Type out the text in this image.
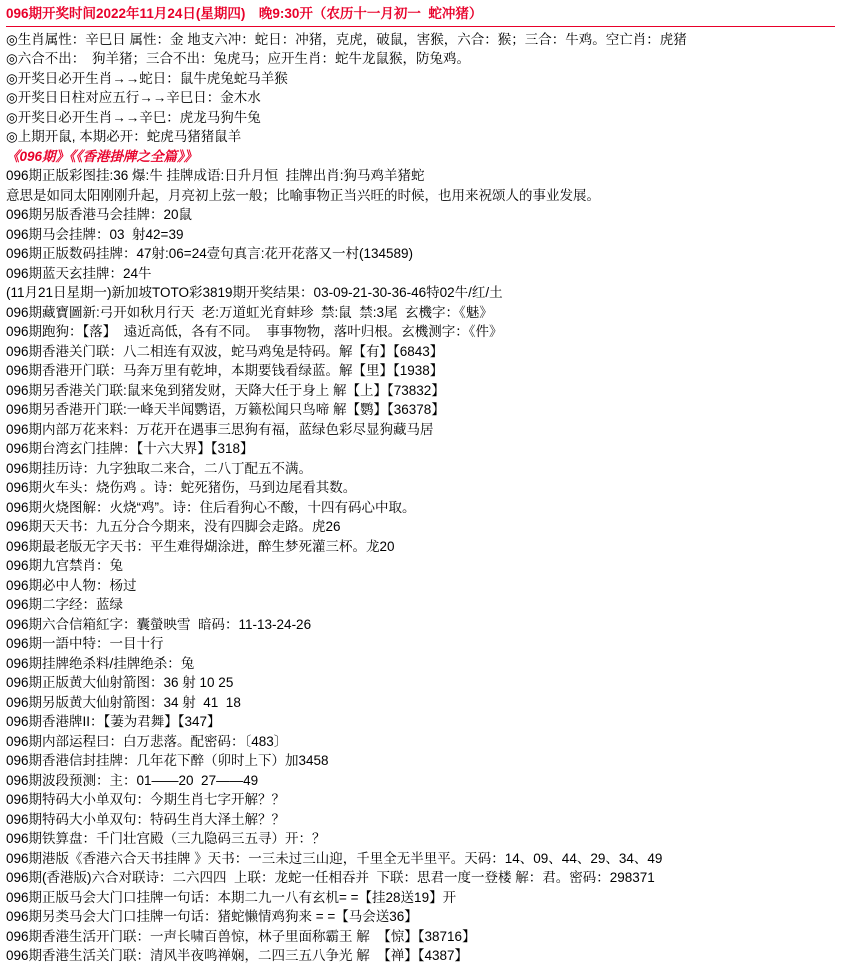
096期开奖时间2022年11月24日(星期四)　晚9:30开（农历十一月初一  蛇冲猪）
◎生肖属性：辛巳日 属性：金 地支六冲：蛇日：冲猪，克虎，破鼠，害猴，六合：猴；三合：牛鸡。空亡肖：虎猪
◎六合不出：　狗羊猪；三合不出：兔虎马；应开生肖：蛇牛龙鼠猴，防兔鸡。
◎开奖日必开生肖→→蛇日：鼠牛虎兔蛇马羊猴
◎开奖日日柱对应五行→→辛巳日：金木水
◎开奖日必开生肖→→辛巳：虎龙马狗牛兔
◎上期开鼠, 本期必开：蛇虎马猪猪鼠羊
《096期》《《香港掛牌之全篇》》
096期正版彩图挂:36 爆:牛 挂牌成语:日升月恒  挂牌出肖:狗马鸡羊猪蛇
意思是如同太阳刚刚升起，月亮初上弦一般；比喻事物正当兴旺的时候，也用来祝颂人的事业发展。
096期另版香港马会挂牌：20鼠
096期马会挂牌：03  射42=39
096期正版数码挂牌：47射:06=24壹句真言:花开花落又一村(134589)
096期蓝天玄挂牌：24牛
(11月21日星期一)新加坡TOTO彩3819期开奖结果：03-09-21-30-36-46特02牛/红/土
096期藏寶圖新:弓开如秋月行天  老:万道虹光育蚌珍  禁:鼠  禁:3尾  玄機字：《魅》
096期跑狗：【落】  遠近高低，各有不同。  事事物物，落叶归根。玄機测字：《件》
096期香港关门联：八二相连有双波，蛇马鸡兔是特码。解【有】【6843】
096期香港开门联：马奔万里有乾坤，本期要钱看绿蓝。解【里】【1938】
096期另香港关门联:鼠来兔到猪发财，天降大任于身上 解【上】【73832】
096期另香港开门联:一峰天半闻鹦语，万籁松闻只鸟啼 解【鹦】【36378】
096期内部万花来料：万花开在遇事三思狗有福，蓝绿色彩尽显狗藏马居
096期台湾玄门挂牌：【十六大界】【318】
096期挂历诗：九字独取二来合，二八丁配五不满。
096期火车头：烧伤鸡 。诗：蛇死猪伤，马到边尾看其数。
096期火烧图解：火烧“鸡”。诗：住后看狗心不酸，十四有码心中取。
096期天天书：九五分合今期来，没有四脚会走路。虎26
096期最老版无字天书：平生难得煳涂进，醉生梦死灌三杯。龙20
096期九宫禁肖：兔
096期必中人物：杨过
096期二字经：蓝绿
096期六合信箱紅字：囊螢映雪  暗码：11-13-24-26
096期一語中特：一目十行
096期挂牌绝杀料/挂牌绝杀：兔
096期正版黄大仙射箭图：36 射 10 25
096期另版黄大仙射箭图：34 射  41  18
096期香港牌II：【萋为君舞】【347】
096期内部运程曰：白万悲落。配密码：〔483〕
096期香港信封挂牌：几年花下醉（卯时上下）加3458
096期波段预测：主：01——20  27——49
096期特码大小单双句：今期生肖七字开解？？
096期特码大小单双句：特码生肖大泽土解？？
096期铁算盘：千门壮宫殿（三九隐码三五寻）开：？
096期港版《香港六合天书挂牌 》天书：一三未过三山迎，千里全无半里平。天码：14、09、44、29、34、49
096期(香港版)六合对联诗：二六四四  上联：龙蛇一任相吞并  下联：思君一度一登楼 解：君。密码：298371
096期正版马会大门口挂牌一句话：本期二九一八有玄机= =【挂28送19】开
096期另类马会大门口挂牌一句话：猪蛇懒情鸡狗来 = =【马会送36】
096期香港生活开门联：一声长啸百兽惊，林子里面称霸王 解  【惊】【38716】
096期香港生活关门联：清风半夜鸣禅娴，二四三五八争光 解  【禅】【4387】
